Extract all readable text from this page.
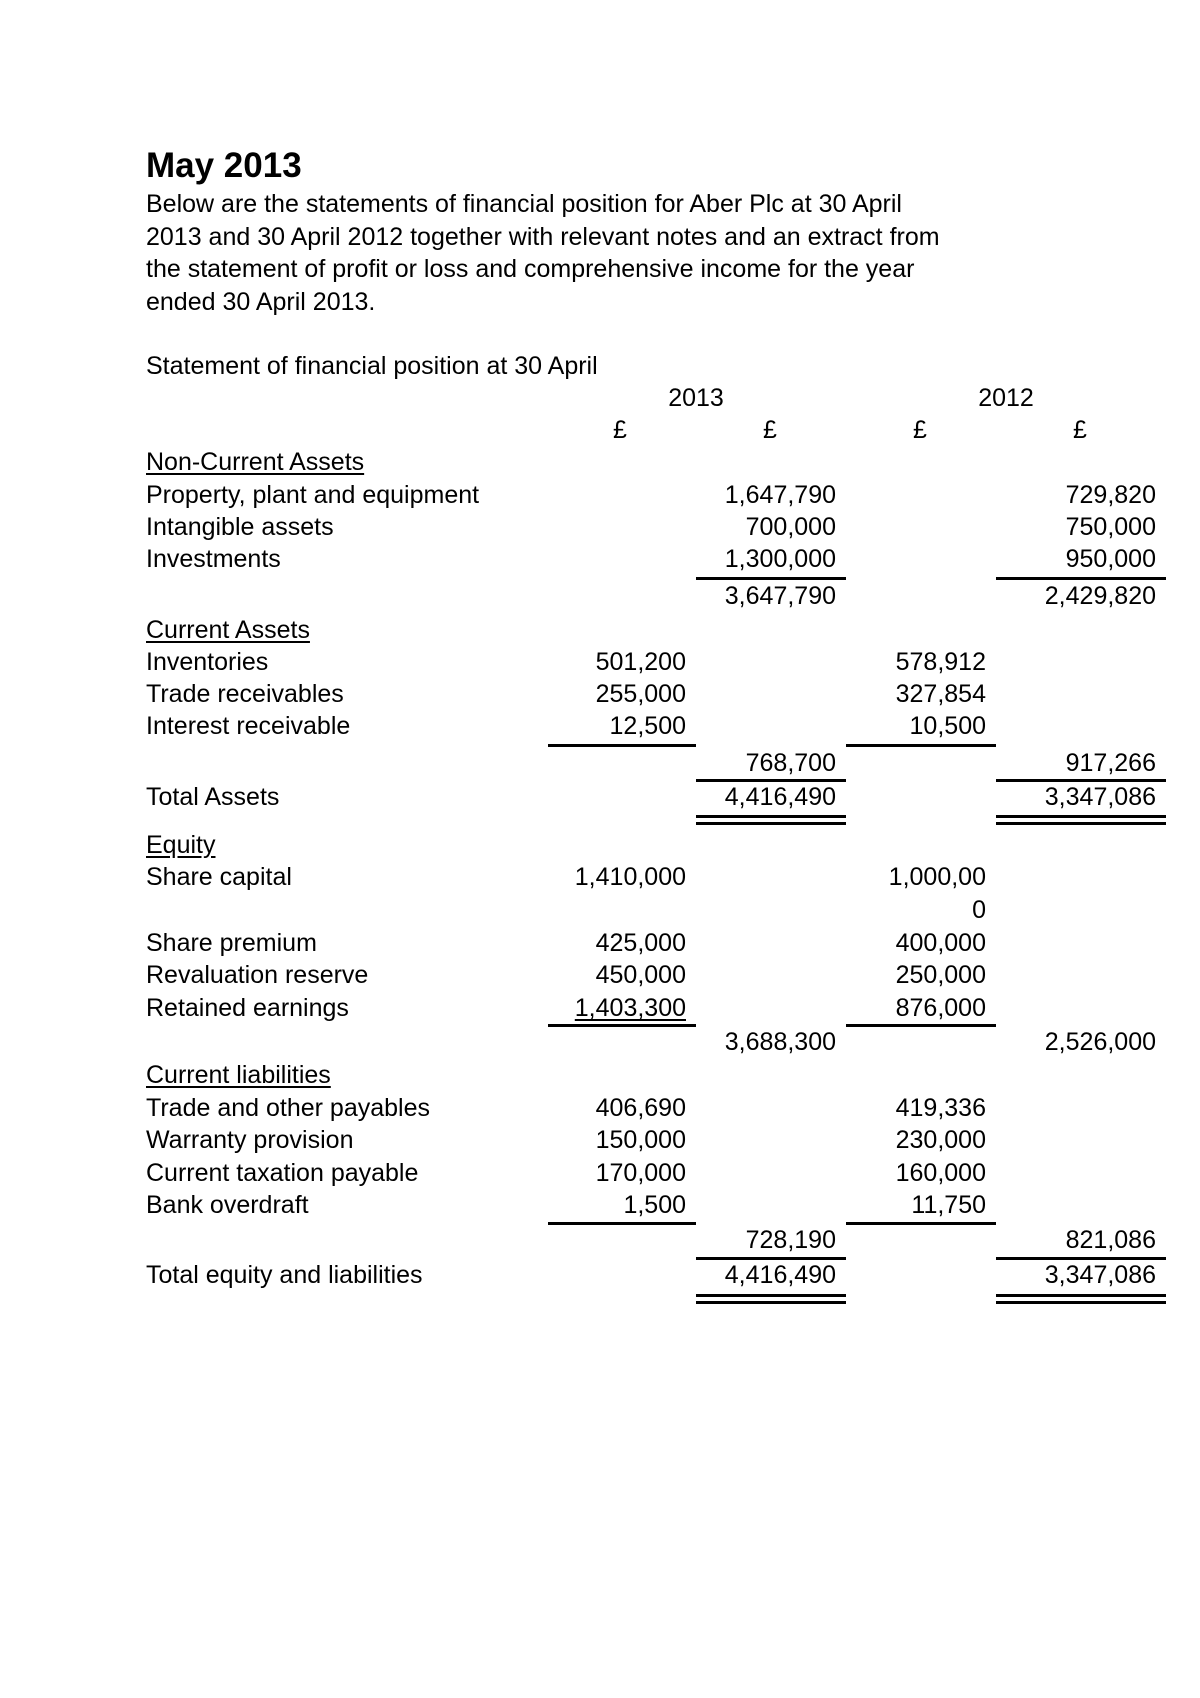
May 2013

Below are the statements of financial position for Aber Plc at 30 April
2013 and 30 April 2012 together with relevant notes and an extract from
the statement of profit or loss and comprehensive income for the year
ended 30 April 2013.

Statement of financial position at 30 April

2013	2012
£	£	£	£
Non-Current Assets
Property, plant and equipment	1,647,790	729,820
Intangible assets	700,000	750,000
Investments	1,300,000	950,000
3,647,790	2,429,820
Current Assets
Inventories	501,200	578,912
Trade receivables	255,000	327,854
Interest receivable	12,500	10,500
768,700	917,266
Total Assets	4,416,490	3,347,086
Equity
Share capital	1,410,000	1,000,00
0
Share premium	425,000	400,000
Revaluation reserve	450,000	250,000
Retained earnings	1,403,300	876,000
3,688,300	2,526,000
Current liabilities
Trade and other payables	406,690	419,336
Warranty provision	150,000	230,000
Current taxation payable	170,000	160,000
Bank overdraft	1,500	11,750
728,190	821,086
Total equity and liabilities	4,416,490	3,347,086
